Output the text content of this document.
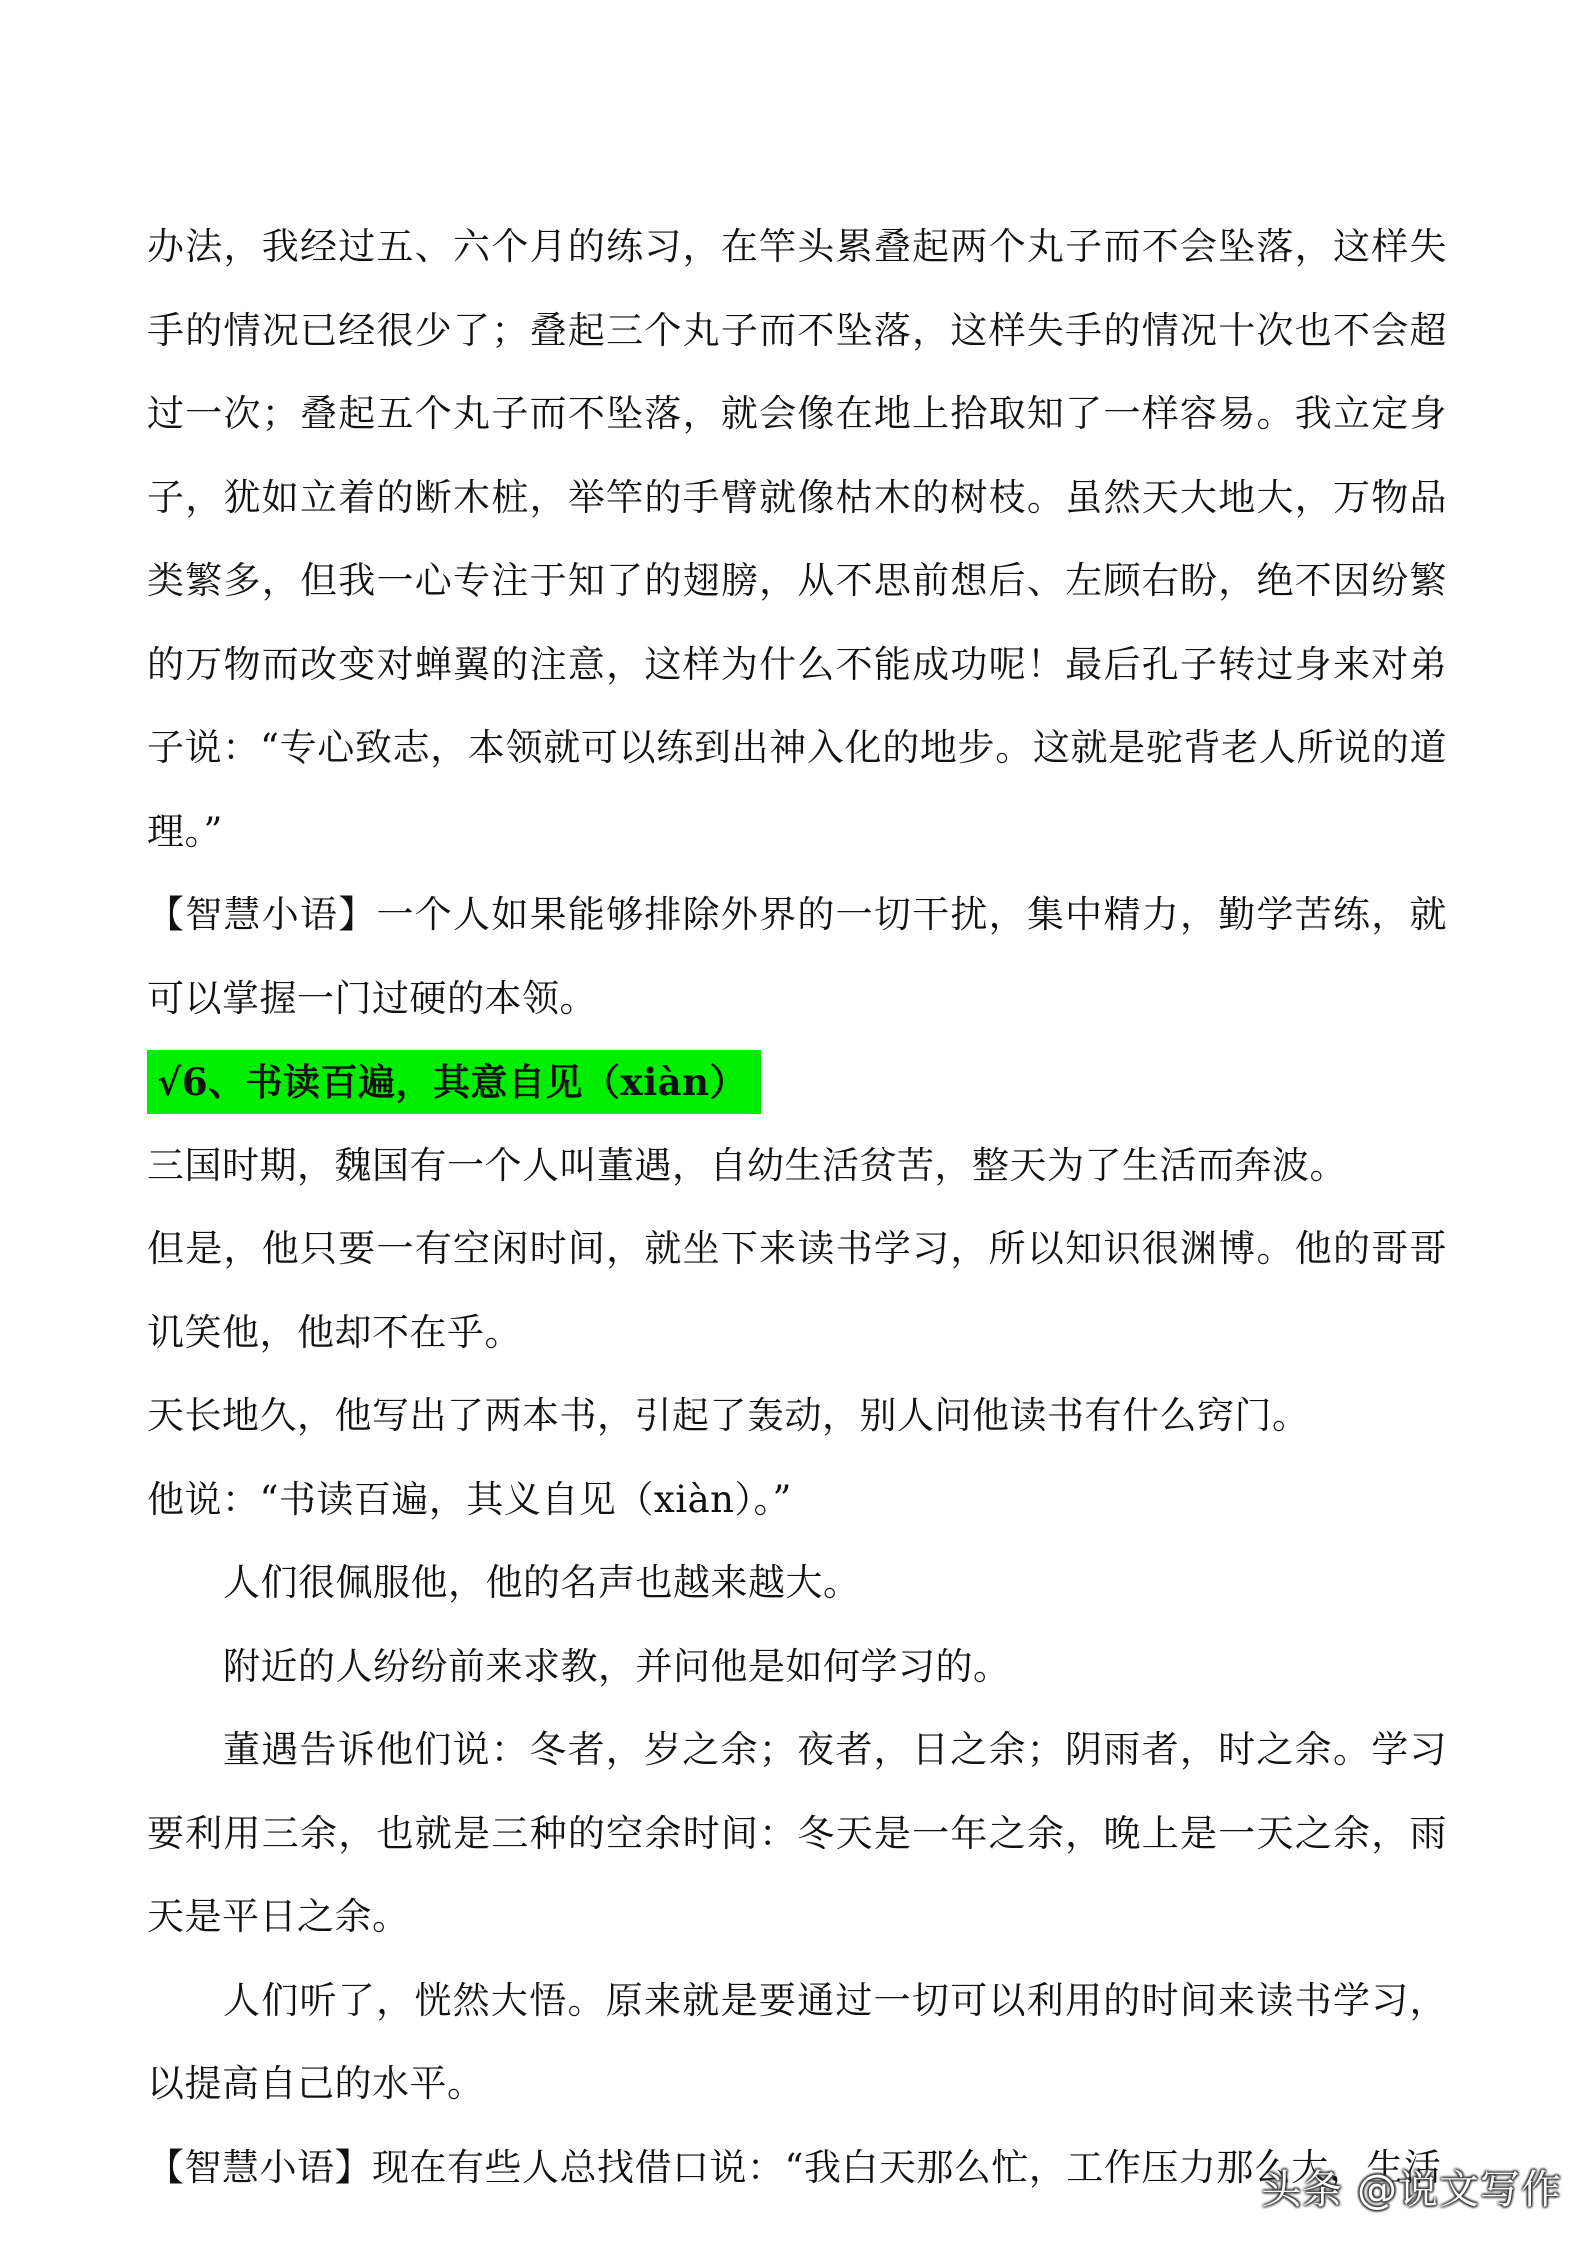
办法，我经过五、六个月的练习，在竿头累叠起两个丸子而不会坠落，这样失手的情况已经很少了；叠起三个丸子而不坠落，这样失手的情况十次也不会超过一次；叠起五个丸子而不坠落，就会像在地上拾取知了一样容易。我立定身子，犹如立着的断木桩，举竿的手臂就像枯木的树枝。虽然天大地大，万物品类繁多，但我一心专注于知了的翅膀，从不思前想后、左顾右盼，绝不因纷繁的万物而改变对蝉翼的注意，这样为什么不能成功呢！最后孔子转过身来对弟子说：“专心致志，本领就可以练到出神入化的地步。这就是驼背老人所说的道理。”

【智慧小语】一个人如果能够排除外界的一切干扰，集中精力，勤学苦练，就可以掌握一门过硬的本领。

√6、书读百遍，其意自见（xiàn）

三国时期，魏国有一个人叫董遇，自幼生活贫苦，整天为了生活而奔波。

但是，他只要一有空闲时间，就坐下来读书学习，所以知识很渊博。他的哥哥讥笑他，他却不在乎。

天长地久，他写出了两本书，引起了轰动，别人问他读书有什么窍门。

他说：“书读百遍，其义自见（xiàn）。”

人们很佩服他，他的名声也越来越大。

附近的人纷纷前来求教，并问他是如何学习的。

董遇告诉他们说：冬者，岁之余；夜者，日之余；阴雨者，时之余。学习要利用三余，也就是三种的空余时间：冬天是一年之余，晚上是一天之余，雨天是平日之余。

人们听了，恍然大悟。原来就是要通过一切可以利用的时间来读书学习，以提高自己的水平。

【智慧小语】现在有些人总找借口说：“我白天那么忙，工作压力那么大，生活

头条 @说文写作
